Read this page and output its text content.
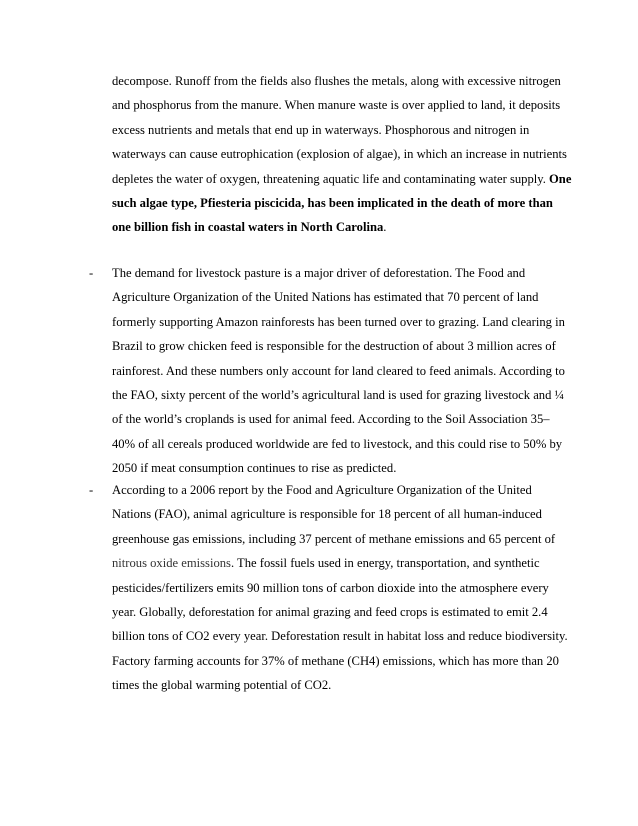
decompose. Runoff from the fields also flushes the metals, along with excessive nitrogen and phosphorus from the manure. When manure waste is over applied to land, it deposits excess nutrients and metals that end up in waterways. Phosphorous and nitrogen in waterways can cause eutrophication (explosion of algae), in which an increase in nutrients depletes the water of oxygen, threatening aquatic life and contaminating water supply. One such algae type, Pfiesteria piscicida, has been implicated in the death of more than one billion fish in coastal waters in North Carolina.

- The demand for livestock pasture is a major driver of deforestation. The Food and Agriculture Organization of the United Nations has estimated that 70 percent of land formerly supporting Amazon rainforests has been turned over to grazing. Land clearing in Brazil to grow chicken feed is responsible for the destruction of about 3 million acres of rainforest. And these numbers only account for land cleared to feed animals. According to the FAO, sixty percent of the world’s agricultural land is used for grazing livestock and ¼ of the world’s croplands is used for animal feed. According to the Soil Association 35–40% of all cereals produced worldwide are fed to livestock, and this could rise to 50% by 2050 if meat consumption continues to rise as predicted.

- According to a 2006 report by the Food and Agriculture Organization of the United Nations (FAO), animal agriculture is responsible for 18 percent of all human-induced greenhouse gas emissions, including 37 percent of methane emissions and 65 percent of nitrous oxide emissions. The fossil fuels used in energy, transportation, and synthetic pesticides/fertilizers emits 90 million tons of carbon dioxide into the atmosphere every year. Globally, deforestation for animal grazing and feed crops is estimated to emit 2.4 billion tons of CO2 every year. Deforestation result in habitat loss and reduce biodiversity. Factory farming accounts for 37% of methane (CH4) emissions, which has more than 20 times the global warming potential of CO2.
